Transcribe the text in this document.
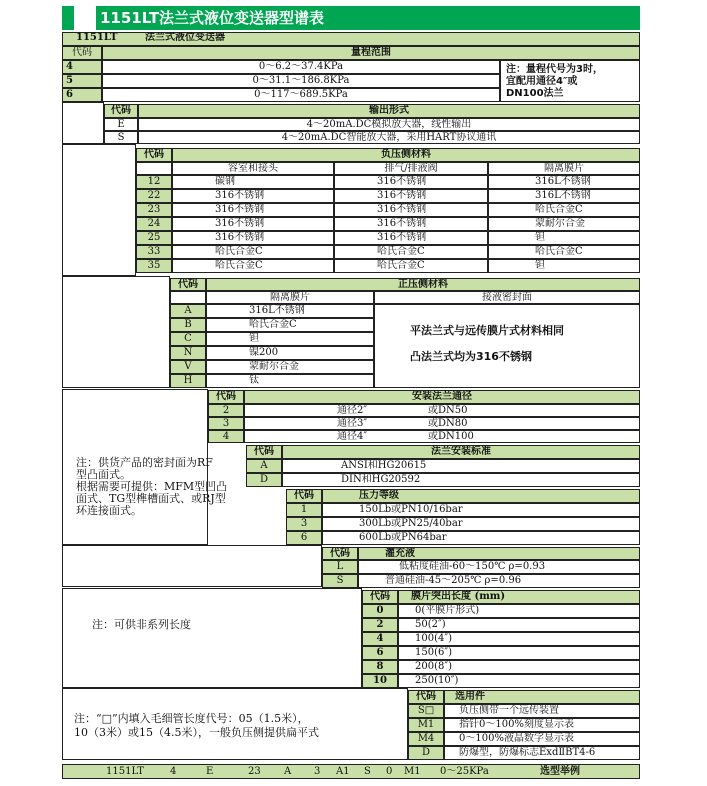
1151LT法兰式液位变送器型谱表
1151LT	法兰式液位变送器
代码	量程范围
4	0～6.2～37.4KPa
5	0～31.1～186.8KPa
6	0～117～689.5KPa
注：量程代号为3时，
宜配用通径4″或
DN100法兰
代码	输出形式
E	4～20mA.DC模拟放大器，线性输出
S	4～20mA.DC智能放大器，采用HART协议通讯
代码	负压侧材料
容室和接头	排气/排液阀	隔离膜片
12	碳钢	316不锈钢	316L不锈钢
22	316不锈钢	316不锈钢	316L不锈钢
23	316不锈钢	316不锈钢	哈氏合金C
24	316不锈钢	316不锈钢	蒙耐尔合金
25	316不锈钢	316不锈钢	钽
33	哈氏合金C	哈氏合金C	哈氏合金C
35	哈氏合金C	哈氏合金C	钽
代码	正压侧材料
隔离膜片	接液密封面
A	316L不锈钢
B	哈氏合金C
C	钽
N	镍200
V	蒙耐尔合金
H	钛
平法兰式与远传膜片式材料相同
凸法兰式均为316不锈钢
代码	安装法兰通径
2	通径2″	或DN50
3	通径3″	或DN80
4	通径4″	或DN100
代码	法兰安装标准
A	ANSI和HG20615
D	DIN和HG20592
注：供货产品的密封面为RF
型凸面式。
根据需要可提供：MFM型凹凸
面式、TG型榫槽面式、或RJ型
环连接面式。
代码	压力等级
1	150Lb或PN10/16bar
3	300Lb或PN25/40bar
6	600Lb或PN64bar
代码	灌充液
L	低粘度硅油-60～150℃ ρ=0.93
S	普通硅油-45～205℃ ρ=0.96
注：可供非系列长度
代码	膜片突出长度 (mm)
0	0(平膜片形式)
2	50(2″)
4	100(4″)
6	150(6″)
8	200(8″)
10	250(10″)
注：“□”内填入毛细管长度代号：05（1.5米），
10（3米）或15（4.5米），一般负压侧提供扁平式
代码	选用件
S□	负压侧带一个远传装置
M1	指针0～100%刻度显示表
M4	0～100%液晶数字显示表
D	防爆型，防爆标志ExdⅡBT4-6
1151LT	4	E	23 A 3 A1 S 0 M1 0～25KPa	选型举例
